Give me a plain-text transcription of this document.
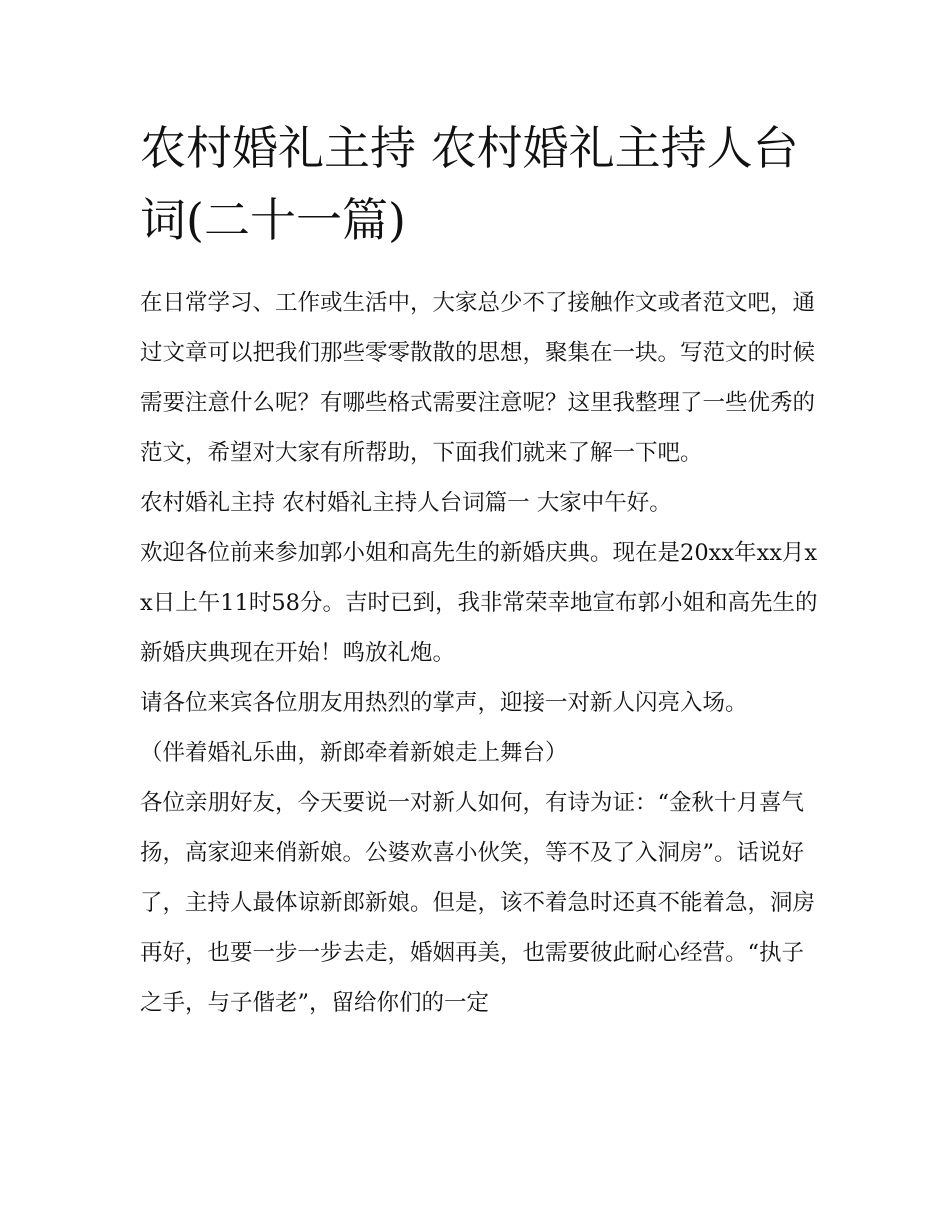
农村婚礼主持 农村婚礼主持人台词(二十一篇)

在日常学习、工作或生活中，大家总少不了接触作文或者范文吧，通过文章可以把我们那些零零散散的思想，聚集在一块。写范文的时候需要注意什么呢？有哪些格式需要注意呢？这里我整理了一些优秀的范文，希望对大家有所帮助，下面我们就来了解一下吧。

农村婚礼主持 农村婚礼主持人台词篇一 大家中午好。

欢迎各位前来参加郭小姐和高先生的新婚庆典。现在是20xx年xx月xx日上午11时58分。吉时已到，我非常荣幸地宣布郭小姐和高先生的新婚庆典现在开始！鸣放礼炮。

请各位来宾各位朋友用热烈的掌声，迎接一对新人闪亮入场。

（伴着婚礼乐曲，新郎牵着新娘走上舞台）

各位亲朋好友，今天要说一对新人如何，有诗为证：“金秋十月喜气扬，高家迎来俏新娘。公婆欢喜小伙笑，等不及了入洞房”。话说好了，主持人最体谅新郎新娘。但是，该不着急时还真不能着急，洞房再好，也要一步一步去走，婚姻再美，也需要彼此耐心经营。“执子之手，与子偕老”，留给你们的一定
